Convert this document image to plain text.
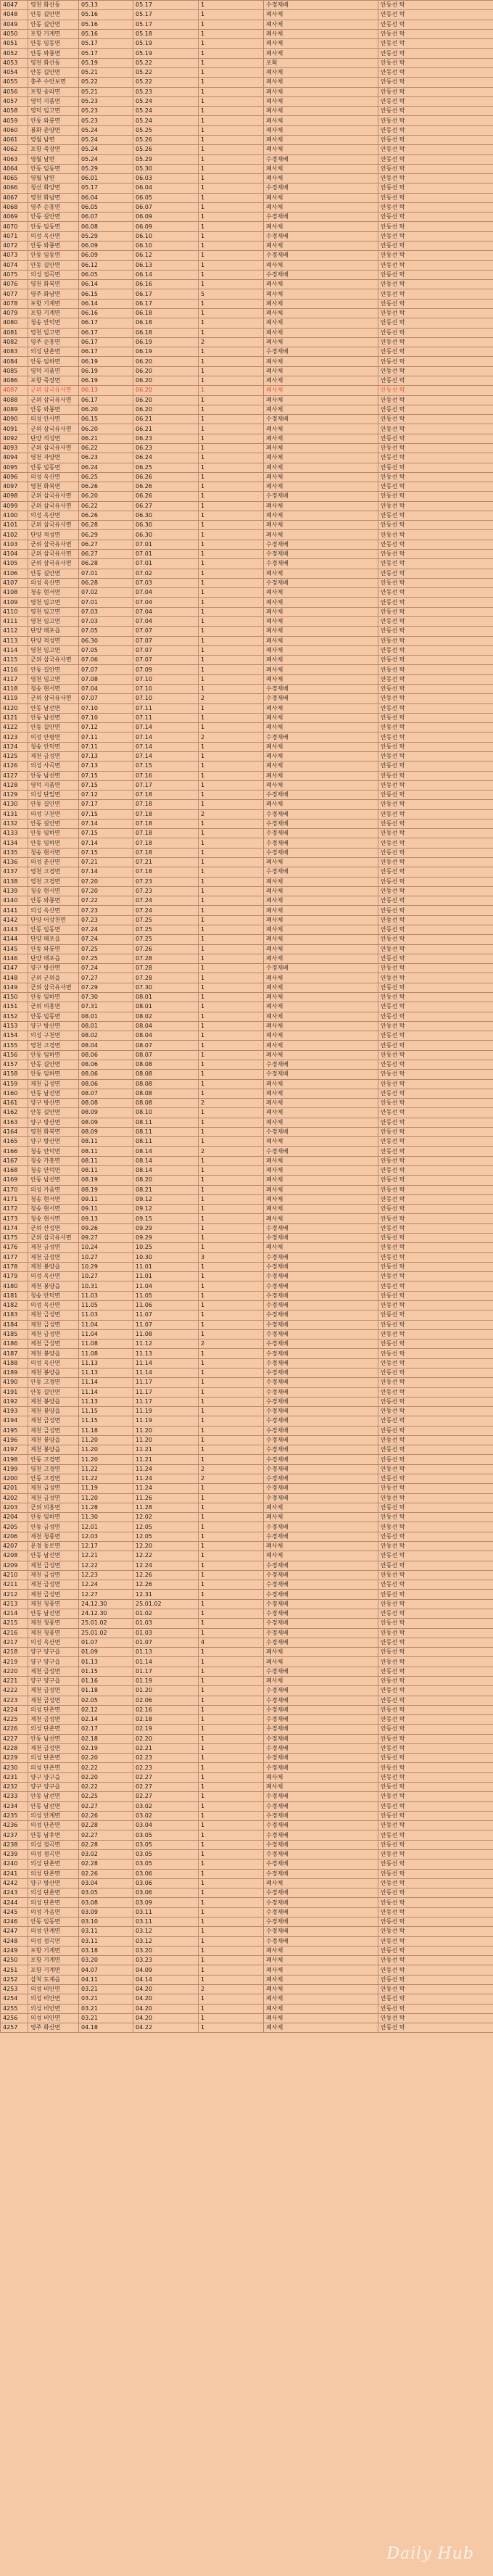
4047	영천 화산동	05.13	05.17	1	수경재배	안동선 탁
4048	안동 길안면	05.16	05.17	1	폐사체	안동선 탁
4049	안동 길안면	05.16	05.17	1	폐사체	안동선 탁
4050	포항 기계면	05.16	05.18	1	폐사체	안동선 탁
4051	안동 임동면	05.17	05.19	1	폐사체	안동선 탁
4052	안동 와룡면	05.17	05.19	1	폐사체	안동선 탁
4053	영천 화산동	05.19	05.22	1	포획	안동선 탁
4054	안동 길안면	05.21	05.22	1	폐사체	안동선 탁
4055	충주 수안보면	05.22	05.22	1	폐사체	안동선 탁
4056	포항 송라면	05.21	05.23	1	폐사체	안동선 탁
4057	영덕 지품면	05.23	05.24	1	폐사체	안동선 탁
4058	영덕 임고면	05.23	05.24	1	폐사체	안동선 탁
4059	안동 와룡면	05.23	05.24	1	폐사체	안동선 탁
4060	봉화 춘양면	05.24	05.25	1	폐사체	안동선 탁
4061	영월 남면	05.24	05.26	1	폐사체	안동선 탁
4062	포항 죽장면	05.24	05.26	1	폐사체	안동선 탁
4063	영월 남면	05.24	05.29	1	수경재배	안동선 탁
4064	안동 임동면	05.29	05.30	1	폐사체	안동선 탁
4065	영월 남면	06.01	06.03	1	폐사체	안동선 탁
4066	청선 화양면	05.17	06.04	1	수경재배	안동선 탁
4067	영천 화남면	06.04	06.05	1	폐사체	안동선 탁
4068	영주 순흥면	06.05	06.07	1	폐사체	안동선 탁
4069	안동 길안면	06.07	06.09	1	수경재배	안동선 탁
4070	안동 임동면	06.08	06.09	1	폐사체	안동선 탁
4071	의성 옥산면	05.29	06.10	1	수경재배	안동선 탁
4072	안동 와룡면	06.09	06.10	1	폐사체	안동선 탁
4073	안동 임동면	06.09	06.12	1	수경재배	안동선 탁
4074	안동 길안면	06.12	06.13	1	폐사체	안동선 탁
4075	의성 점곡면	06.05	06.14	1	수경재배	안동선 탁
4076	영천 화북면	06.14	06.16	1	폐사체	안동선 탁
4077	영주 화남면	06.15	06.17	5	폐사체	안동선 탁
4078	포항 기계면	06.14	06.17	1	폐사체	안동선 탁
4079	포항 기계면	06.16	06.18	1	폐사체	안동선 탁
4080	청송 안덕면	06.17	06.18	1	폐사체	안동선 탁
4081	영천 임고면	06.17	06.18	1	폐사체	안동선 탁
4082	영주 순흥면	06.17	06.19	2	폐사체	안동선 탁
4083	의성 단촌면	06.17	06.19	1	수경재배	안동선 탁
4084	안동 임하면	06.19	06.20	1	폐사체	안동선 탁
4085	영덕 지품면	06.19	06.20	1	폐사체	안동선 탁
4086	포항 죽장면	06.19	06.20	1	폐사체	안동선 탁
4087	군위 삼국유사면	06.13	06.20	1	폐사체	안동선 탁
4088	군위 삼국유사면	06.17	06.20	1	폐사체	안동선 탁
4089	안동 와룡면	06.20	06.20	1	폐사체	안동선 탁
4090	의성 안사면	06.15	06.21	1	수경재배	안동선 탁
4091	군위 삼국유사면	06.20	06.21	1	폐사체	안동선 탁
4092	단양 적성면	06.21	06.23	1	폐사체	안동선 탁
4093	군위 삼국유사면	06.22	06.23	1	폐사체	안동선 탁
4094	영천 자양면	06.23	06.24	1	폐사체	안동선 탁
4095	안동 임동면	06.24	06.25	1	폐사체	안동선 탁
4096	의성 옥산면	06.25	06.26	1	폐사체	안동선 탁
4097	영천 화북면	06.26	06.26	1	폐사체	안동선 탁
4098	군위 삼국유사면	06.20	06.26	1	수경재배	안동선 탁
4099	군위 삼국유사면	06.22	06.27	1	폐사체	안동선 탁
4100	의성 옥산면	06.26	06.30	1	폐사체	안동선 탁
4101	군위 삼국유사면	06.28	06.30	1	폐사체	안동선 탁
4102	단양 적성면	06.29	06.30	1	폐사체	안동선 탁
4103	군위 삼국유사면	06.27	07.01	1	수경재배	안동선 탁
4104	군위 삼국유사면	06.27	07.01	1	수경재배	안동선 탁
4105	군위 삼국유사면	06.28	07.01	1	수경재배	안동선 탁
4106	안동 길안면	07.01	07.02	1	폐사체	안동선 탁
4107	의성 옥산면	06.28	07.03	1	수경재배	안동선 탁
4108	청송 현서면	07.02	07.04	1	폐사체	안동선 탁
4109	영천 임고면	07.01	07.04	1	폐사체	안동선 탁
4110	영천 임고면	07.03	07.04	1	폐사체	안동선 탁
4111	영천 임고면	07.03	07.04	1	폐사체	안동선 탁
4112	단양 매포읍	07.05	07.07	1	폐사체	안동선 탁
4113	단양 적성면	06.30	07.07	1	폐사체	안동선 탁
4114	영천 임고면	07.05	07.07	1	폐사체	안동선 탁
4115	군위 삼국유사면	07.06	07.07	1	폐사체	안동선 탁
4116	안동 길안면	07.07	07.09	1	폐사체	안동선 탁
4117	영천 임고면	07.08	07.10	1	폐사체	안동선 탁
4118	청송 현서면	07.04	07.10	1	수경재배	안동선 탁
4119	군위 삼국유사면	07.07	07.10	2	수경재배	안동선 탁
4120	안동 남선면	07.10	07.11	1	폐사체	안동선 탁
4121	안동 남선면	07.10	07.11	1	폐사체	안동선 탁
4122	안동 길안면	07.12	07.14	1	폐사체	안동선 탁
4123	의성 안평면	07.11	07.14	2	수경재배	안동선 탁
4124	청송 안덕면	07.11	07.14	1	폐사체	안동선 탁
4125	제천 금성면	07.13	07.14	1	폐사체	안동선 탁
4126	의성 사곡면	07.13	07.15	1	폐사체	안동선 탁
4127	안동 남선면	07.15	07.16	1	폐사체	안동선 탁
4128	영덕 지품면	07.15	07.17	1	폐사체	안동선 탁
4129	의성 단밀면	07.12	07.18	1	수경재배	안동선 탁
4130	안동 길안면	07.17	07.18	1	폐사체	안동선 탁
4131	의성 구천면	07.15	07.18	2	수경재배	안동선 탁
4132	안동 길안면	07.14	07.18	1	수경재배	안동선 탁
4133	안동 임하면	07.15	07.18	1	수경재배	안동선 탁
4134	안동 임하면	07.14	07.18	1	수경재배	안동선 탁
4135	청송 현서면	07.15	07.18	1	수경재배	안동선 탁
4136	의성 춘산면	07.21	07.21	1	폐사체	안동선 탁
4137	영천 고경면	07.14	07.18	1	수경재배	안동선 탁
4138	영천 고경면	07.20	07.23	1	폐사체	안동선 탁
4139	청송 현서면	07.20	07.23	1	폐사체	안동선 탁
4140	안동 와룡면	07.22	07.24	1	폐사체	안동선 탁
4141	의성 옥산면	07.23	07.24	1	폐사체	안동선 탁
4142	단양 어상천면	07.23	07.25	1	폐사체	안동선 탁
4143	안동 임동면	07.24	07.25	1	폐사체	안동선 탁
4144	단양 매포읍	07.24	07.25	1	폐사체	안동선 탁
4145	안동 와룡면	07.25	07.26	1	폐사체	안동선 탁
4146	단양 매포읍	07.25	07.28	1	폐사체	안동선 탁
4147	양구 방산면	07.24	07.28	1	수경재배	안동선 탁
4148	군위 군위읍	07.27	07.28	1	폐사체	안동선 탁
4149	군위 삼국유사면	07.29	07.30	1	폐사체	안동선 탁
4150	안동 임하면	07.30	08.01	1	폐사체	안동선 탁
4151	군위 의흥면	07.31	08.01	1	폐사체	안동선 탁
4152	안동 임동면	08.01	08.02	1	폐사체	안동선 탁
4153	양구 방산면	08.01	08.04	1	폐사체	안동선 탁
4154	의성 구천면	08.02	08.04	1	폐사체	안동선 탁
4155	영천 고경면	08.04	08.07	1	폐사체	안동선 탁
4156	안동 임하면	08.06	08.07	1	폐사체	안동선 탁
4157	안동 길안면	08.06	08.08	1	수경재배	안동선 탁
4158	안동 임하면	08.06	08.08	1	수경재배	안동선 탁
4159	제천 금성면	08.06	08.08	1	폐사체	안동선 탁
4160	안동 남선면	08.07	08.08	1	폐사체	안동선 탁
4161	양구 방산면	08.08	08.08	2	폐사체	안동선 탁
4162	안동 길안면	08.09	08.10	1	폐사체	안동선 탁
4163	양구 방산면	08.09	08.11	1	폐사체	안동선 탁
4164	영천 화북면	08.09	08.11	1	수경재배	안동선 탁
4165	양구 방산면	08.11	08.11	1	폐사체	안동선 탁
4166	청송 안덕면	08.11	08.14	2	수경재배	안동선 탁
4167	청송 가흥면	08.11	08.14	1	폐사체	안동선 탁
4168	청송 안덕면	08.11	08.14	1	폐사체	안동선 탁
4169	안동 남선면	08.19	08.20	1	폐사체	안동선 탁
4170	의성 가음면	08.19	08.21	1	폐사체	안동선 탁
4171	청송 현서면	09.11	09.12	1	폐사체	안동선 탁
4172	청송 현서면	09.11	09.12	1	폐사체	안동선 탁
4173	청송 현서면	09.13	09.15	1	폐사체	안동선 탁
4174	군위 산성면	09.26	09.29	1	수경재배	안동선 탁
4175	군위 삼국유사면	09.27	09.29	1	수경재배	안동선 탁
4176	제천 금성면	10.24	10.25	1	폐사체	안동선 탁
4177	제천 금성면	10.27	10.30	3	수경재배	안동선 탁
4178	제천 봉양읍	10.29	11.01	1	수경재배	안동선 탁
4179	의성 옥산면	10.27	11.01	1	수경재배	안동선 탁
4180	제천 봉양읍	10.31	11.04	1	수경재배	안동선 탁
4181	청송 안덕면	11.03	11.05	1	수경재배	안동선 탁
4182	의성 옥산면	11.05	11.06	1	수경재배	안동선 탁
4183	제천 금성면	11.03	11.07	1	수경재배	안동선 탁
4184	제천 금성면	11.04	11.07	1	수경재배	안동선 탁
4185	제천 금성면	11.04	11.08	1	수경재배	안동선 탁
4186	제천 금성면	11.08	11.12	2	수경재배	안동선 탁
4187	제천 봉양읍	11.08	11.13	1	수경재배	안동선 탁
4188	의성 옥산면	11.13	11.14	1	수경재배	안동선 탁
4189	제천 봉양읍	11.13	11.14	1	수경재배	안동선 탁
4190	안동 고경면	11.14	11.17	1	수경재배	안동선 탁
4191	안동 길안면	11.14	11.17	1	수경재배	안동선 탁
4192	제천 봉양읍	11.13	11.17	1	수경재배	안동선 탁
4193	제천 봉양읍	11.15	11.19	1	수경재배	안동선 탁
4194	제천 금성면	11.15	11.19	1	수경재배	안동선 탁
4195	제천 금성면	11.18	11.20	1	수경재배	안동선 탁
4196	제천 봉양읍	11.20	11.20	1	수경재배	안동선 탁
4197	제천 봉양읍	11.20	11.21	1	수경재배	안동선 탁
4198	안동 고경면	11.20	11.21	1	수경재배	안동선 탁
4199	영천 고경면	11.22	11.24	2	수경재배	안동선 탁
4200	안동 고경면	11.22	11.24	2	수경재배	안동선 탁
4201	제천 금성면	11.19	11.24	1	수경재배	안동선 탁
4202	제천 금성면	11.20	11.26	1	수경재배	안동선 탁
4203	군위 의흥면	11.28	11.28	1	폐사체	안동선 탁
4204	안동 임하면	11.30	12.02	1	폐사체	안동선 탁
4205	안동 금성면	12.01	12.05	1	수경재배	안동선 탁
4206	제천 청풍면	12.03	12.05	1	수경재배	안동선 탁
4207	문경 동로면	12.17	12.20	1	폐사체	안동선 탁
4208	안동 남선면	12.21	12.22	1	폐사체	안동선 탁
4209	제천 금성면	12.22	12.24	1	수경재배	안동선 탁
4210	제천 금성면	12.23	12.26	1	수경재배	안동선 탁
4211	제천 금성면	12.24	12.26	1	수경재배	안동선 탁
4212	제천 금성면	12.27	12.31	1	수경재배	안동선 탁
4213	제천 청풍면	24.12.30	25.01.02	1	수경재배	안동선 탁
4214	안동 남선면	24.12.30	01.02	1	수경재배	안동선 탁
4215	제천 청풍면	25.01.02	01.03	1	수경재배	안동선 탁
4216	제천 청풍면	25.01.02	01.03	1	수경재배	안동선 탁
4217	의성 옥산면	01.07	01.07	4	수경재배	안동선 탁
4218	양구 양구읍	01.09	01.13	1	폐사체	안동선 탁
4219	양구 양구읍	01.13	01.14	1	폐사체	안동선 탁
4220	제천 금성면	01.15	01.17	1	수경재배	안동선 탁
4221	양구 양구읍	01.16	01.19	1	폐사체	안동선 탁
4222	제천 금성면	01.18	01.20	1	수경재배	안동선 탁
4223	제천 금성면	02.05	02.06	1	수경재배	안동선 탁
4224	의성 단촌면	02.12	02.16	1	수경재배	안동선 탁
4225	제천 금성면	02.14	02.18	1	수경재배	안동선 탁
4226	의성 단촌면	02.17	02.19	1	수경재배	안동선 탁
4227	안동 남선면	02.18	02.20	1	수경재배	안동선 탁
4228	제천 금성면	02.19	02.21	1	수경재배	안동선 탁
4229	의성 단촌면	02.20	02.23	1	수경재배	안동선 탁
4230	의성 단촌면	02.22	02.23	1	수경재배	안동선 탁
4231	양구 양구읍	02.20	02.27	1	폐사체	안동선 탁
4232	양구 양구읍	02.22	02.27	1	폐사체	안동선 탁
4233	안동 남선면	02.25	02.27	1	수경재배	안동선 탁
4234	안동 남선면	02.27	03.02	1	수경재배	안동선 탁
4235	의성 안계면	02.26	03.02	1	수경재배	안동선 탁
4236	의성 단촌면	02.28	03.04	1	수경재배	안동선 탁
4237	안동 남후면	02.27	03.05	1	수경재배	안동선 탁
4238	의성 점곡면	02.28	03.05	1	수경재배	안동선 탁
4239	의성 점곡면	03.02	03.05	1	수경재배	안동선 탁
4240	의성 단촌면	02.28	03.05	1	수경재배	안동선 탁
4241	의성 단촌면	02.26	03.06	1	수경재배	안동선 탁
4242	양구 방산면	03.04	03.06	1	폐사체	안동선 탁
4243	의성 단촌면	03.05	03.06	1	수경재배	안동선 탁
4244	의성 단촌면	03.08	03.09	1	수경재배	안동선 탁
4245	의성 가음면	03.09	03.11	1	수경재배	안동선 탁
4246	안동 임동면	03.10	03.11	1	수경재배	안동선 탁
4247	의성 안계면	03.11	03.12	1	수경재배	안동선 탁
4248	의성 점곡면	03.11	03.12	1	수경재배	안동선 탁
4249	포항 기계면	03.18	03.20	1	폐사체	안동선 탁
4250	포항 기계면	03.20	03.23	1	폐사체	안동선 탁
4251	포항 기계면	04.07	04.09	1	폐사체	안동선 탁
4252	삼척 도계읍	04.11	04.14	1	폐사체	안동선 탁
4253	의성 비안면	03.21	04.20	2	폐사체	안동선 탁
4254	의성 비안면	03.21	04.20	1	폐사체	안동선 탁
4255	의성 비안면	03.21	04.20	1	폐사체	안동선 탁
4256	의성 비안면	03.21	04.20	1	폐사체	안동선 탁
4257	영주 화산면	04.18	04.22	1	폐사체	안동선 탁
Daily Hub
